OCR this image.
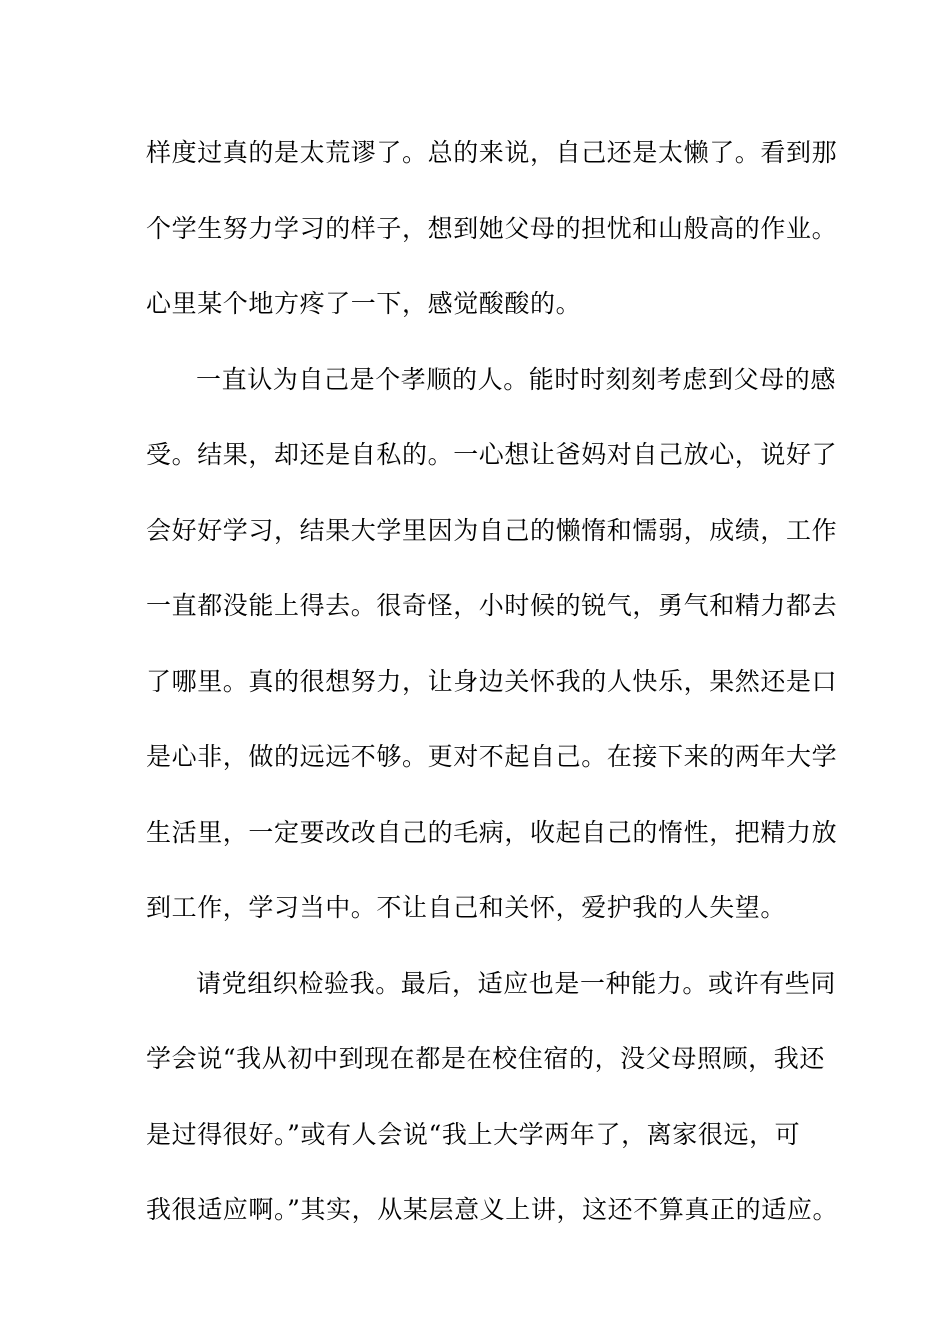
样度过真的是太荒谬了。总的来说，自己还是太懒了。看到那
个学生努力学习的样子，想到她父母的担忧和山般高的作业。
心里某个地方疼了一下，感觉酸酸的。
一直认为自己是个孝顺的人。能时时刻刻考虑到父母的感
受。结果，却还是自私的。一心想让爸妈对自己放心，说好了
会好好学习，结果大学里因为自己的懒惰和懦弱，成绩，工作
一直都没能上得去。很奇怪，小时候的锐气，勇气和精力都去
了哪里。真的很想努力，让身边关怀我的人快乐，果然还是口
是心非，做的远远不够。更对不起自己。在接下来的两年大学
生活里，一定要改改自己的毛病，收起自己的惰性，把精力放
到工作，学习当中。不让自己和关怀，爱护我的人失望。
请党组织检验我。最后，适应也是一种能力。或许有些同
学会说“我从初中到现在都是在校住宿的，没父母照顾，我还
是过得很好。”或有人会说“我上大学两年了，离家很远，可
我很适应啊。”其实，从某层意义上讲，这还不算真正的适应。
